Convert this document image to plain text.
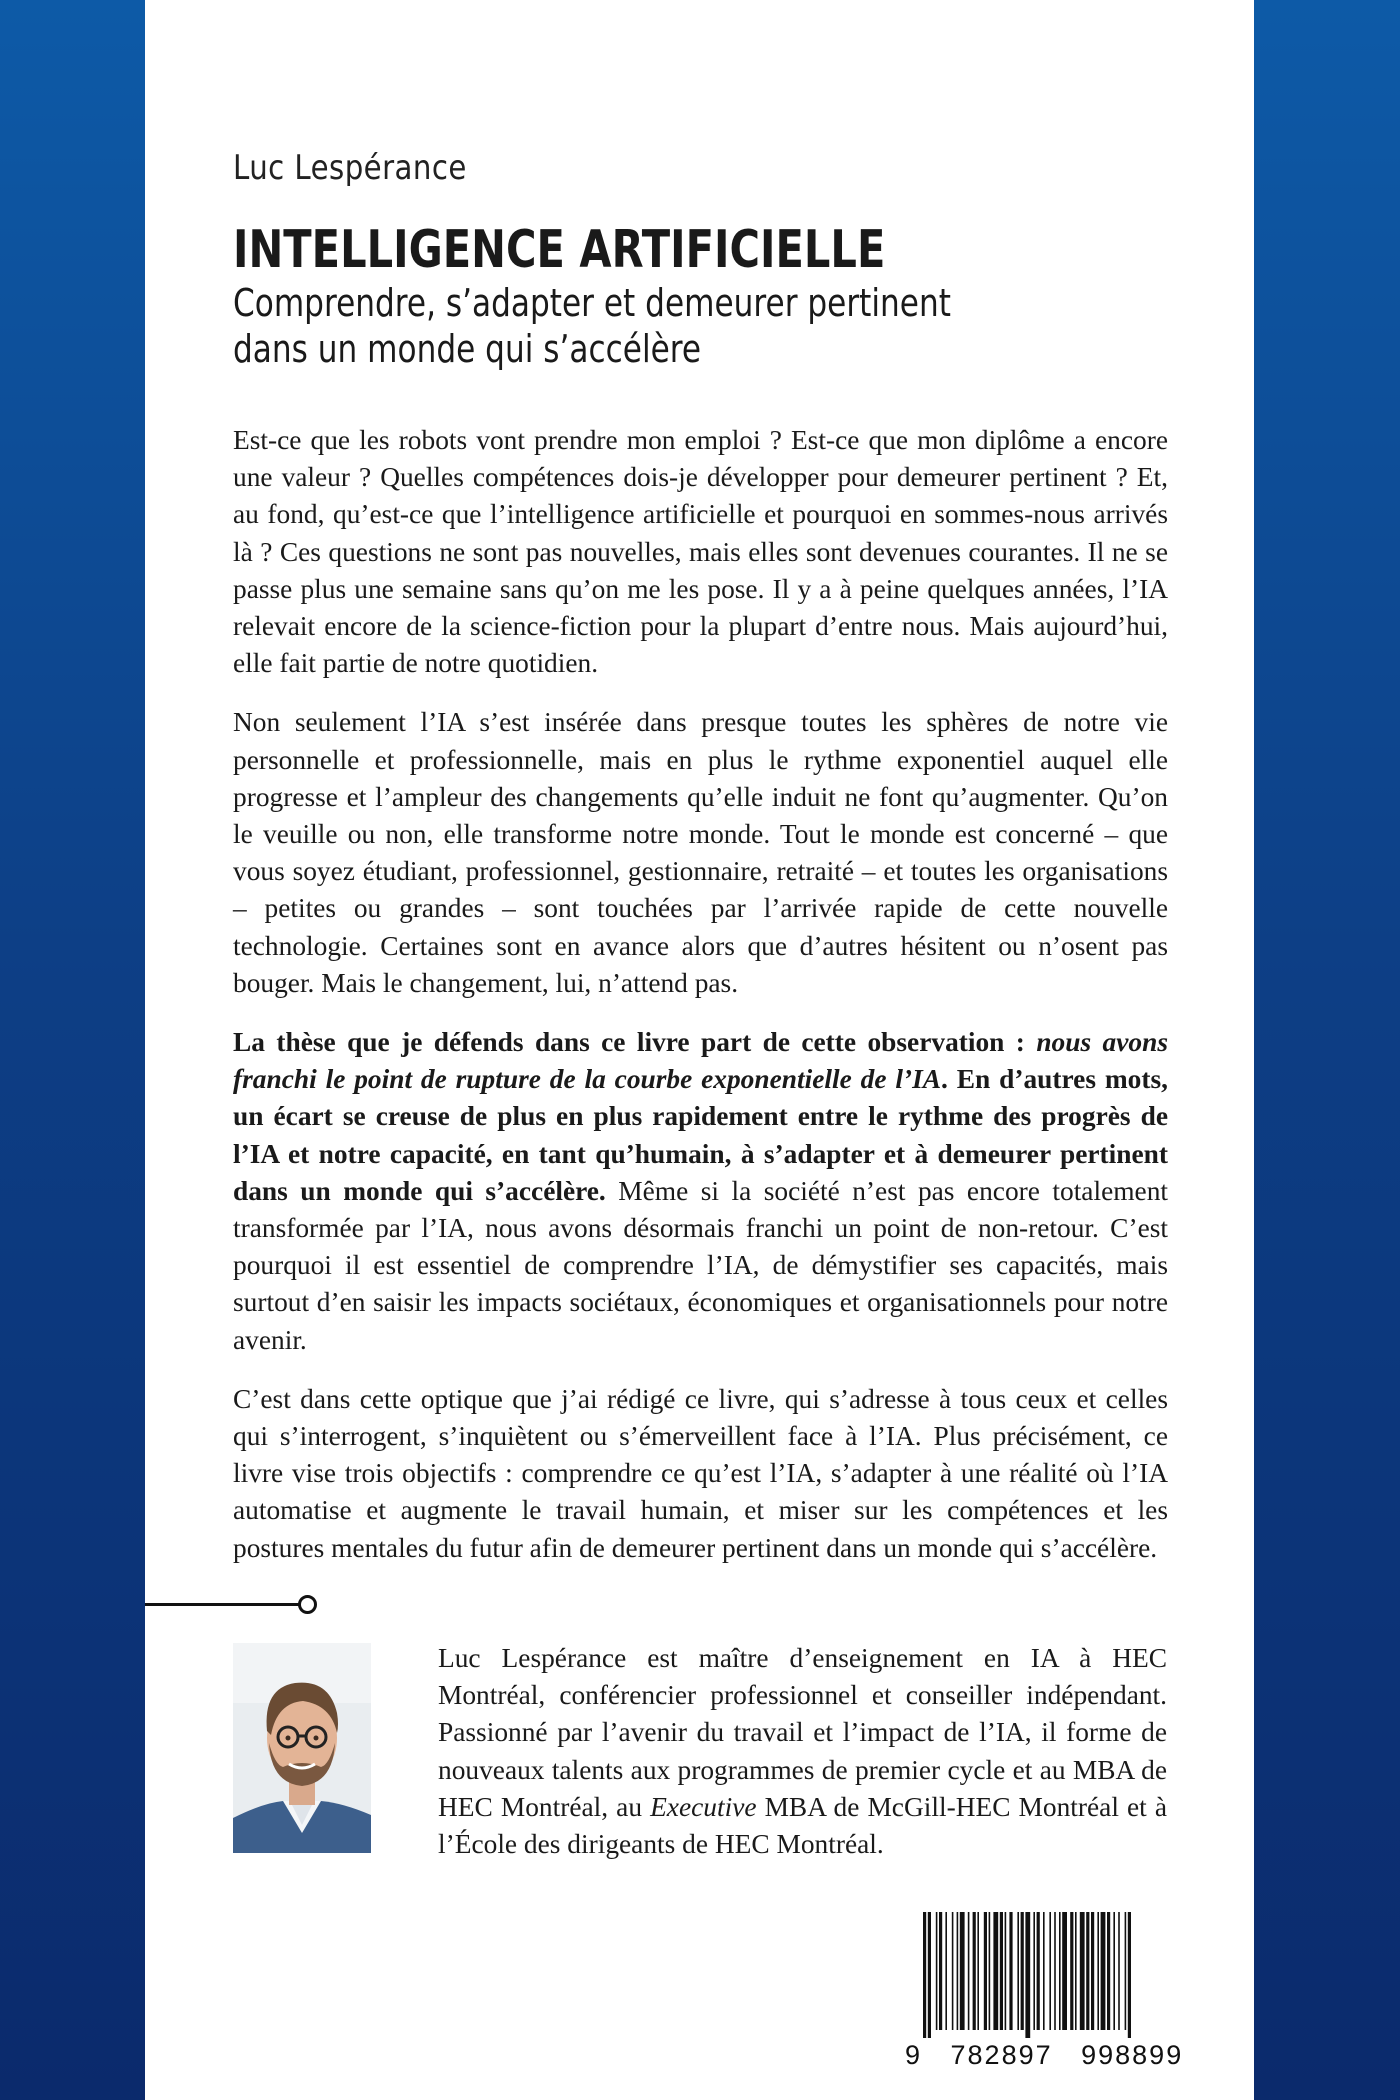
Luc Lespérance
INTELLIGENCE ARTIFICIELLE
Comprendre, s’adapter et demeurer pertinent
dans un monde qui s’accélère

Est-ce que les robots vont prendre mon emploi ? Est-ce que mon diplôme a encore une valeur ? Quelles compétences dois-je développer pour demeurer pertinent ? Et, au fond, qu’est-ce que l’intelligence artificielle et pourquoi en sommes-nous arrivés là ? Ces questions ne sont pas nouvelles, mais elles sont devenues courantes. Il ne se passe plus une semaine sans qu’on me les pose. Il y a à peine quelques années, l’IA relevait encore de la science-fiction pour la plupart d’entre nous. Mais aujourd’hui, elle fait partie de notre quotidien.

Non seulement l’IA s’est insérée dans presque toutes les sphères de notre vie personnelle et professionnelle, mais en plus le rythme exponentiel auquel elle progresse et l’ampleur des changements qu’elle induit ne font qu’augmenter. Qu’on le veuille ou non, elle transforme notre monde. Tout le monde est concerné – que vous soyez étudiant, professionnel, gestionnaire, retraité – et toutes les organisations – petites ou grandes – sont touchées par l’arrivée rapide de cette nouvelle technologie. Certaines sont en avance alors que d’autres hésitent ou n’osent pas bouger. Mais le changement, lui, n’attend pas.

La thèse que je défends dans ce livre part de cette observation : nous avons franchi le point de rupture de la courbe exponentielle de l’IA. En d’autres mots, un écart se creuse de plus en plus rapidement entre le rythme des progrès de l’IA et notre capacité, en tant qu’humain, à s’adapter et à demeurer pertinent dans un monde qui s’accélère. Même si la société n’est pas encore totalement transformée par l’IA, nous avons désormais franchi un point de non-retour. C’est pourquoi il est essentiel de comprendre l’IA, de démystifier ses capacités, mais surtout d’en saisir les impacts sociétaux, économiques et organisationnels pour notre avenir.

C’est dans cette optique que j’ai rédigé ce livre, qui s’adresse à tous ceux et celles qui s’interrogent, s’inquiètent ou s’émerveillent face à l’IA. Plus précisément, ce livre vise trois objectifs : comprendre ce qu’est l’IA, s’adapter à une réalité où l’IA automatise et augmente le travail humain, et miser sur les compétences et les postures mentales du futur afin de demeurer pertinent dans un monde qui s’accélère.

Luc Lespérance est maître d’enseignement en IA à HEC Montréal, conférencier professionnel et conseiller indépendant. Passionné par l’avenir du travail et l’impact de l’IA, il forme de nouveaux talents aux programmes de premier cycle et au MBA de HEC Montréal, au Executive MBA de McGill-HEC Montréal et à l’École des dirigeants de HEC Montréal.
9   782897   998899
